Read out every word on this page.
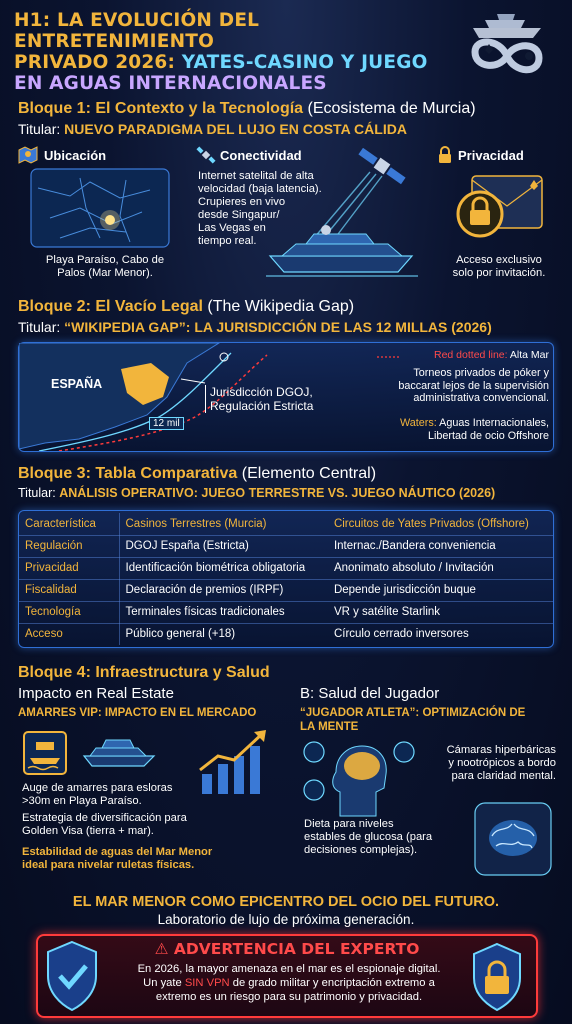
H1: LA EVOLUCIÓN DEL ENTRETENIMIENTO
PRIVADO 2026: YATES-CASINO Y JUEGO
EN AGUAS INTERNACIONALES
Bloque 1: El Contexto y la Tecnología (Ecosistema de Murcia)
Titular: NUEVO PARADIGMA DEL LUJO EN COSTA CÁLIDA
Ubicación
Playa Paraíso, Cabo de
Palos (Mar Menor).
Conectividad
Internet satelital de alta
velocidad (baja latencia).
Crupieres en vivo
desde Singapur/
Las Vegas en
tiempo real.
Privacidad
Acceso exclusivo
solo por invitación.
Bloque 2: El Vacío Legal (The Wikipedia Gap)
Titular: “WIKIPEDIA GAP”: LA JURISDICCIÓN DE LAS 12 MILLAS (2026)
ESPAÑA
12 mil
Jurisdicción DGOJ,
Regulación Estricta
Red dotted line: Alta Mar
Torneos privados de póker y
baccarat lejos de la supervisión
administrativa convencional.
Waters: Aguas Internacionales,
Libertad de ocio Offshore
Bloque 3: Tabla Comparativa (Elemento Central)
Titular: ANÁLISIS OPERATIVO: JUEGO TERRESTRE VS. JUEGO NÁUTICO (2026)
Característica	Casinos Terrestres (Murcia)	Circuitos de Yates Privados (Offshore)
Regulación	DGOJ España (Estricta)	Internac./Bandera conveniencia
Privacidad	Identificación biométrica obligatoria	Anonimato absoluto / Invitación
Fiscalidad	Declaración de premios (IRPF)	Depende jurisdicción buque
Tecnología	Terminales físicas tradicionales	VR y satélite Starlink
Acceso	Público general (+18)	Círculo cerrado inversores
Bloque 4: Infraestructura y Salud
Impacto en Real Estate
AMARRES VIP: IMPACTO EN EL MERCADO
Auge de amarres para esloras
>30m en Playa Paraíso.
Estrategia de diversificación para
Golden Visa (tierra + mar).
Estabilidad de aguas del Mar Menor
ideal para nivelar ruletas físicas.
B: Salud del Jugador
“JUGADOR ATLETA”: OPTIMIZACIÓN DE
LA MENTE
Cámaras hiperbáricas
y nootrópicos a bordo
para claridad mental.
Dieta para niveles
estables de glucosa (para
decisiones complejas).
EL MAR MENOR COMO EPICENTRO DEL OCIO DEL FUTURO.
Laboratorio de lujo de próxima generación.
⚠ ADVERTENCIA DEL EXPERTO
En 2026, la mayor amenaza en el mar es el espionaje digital.
Un yate SIN VPN de grado militar y encriptación extremo a
extremo es un riesgo para su patrimonio y privacidad.
